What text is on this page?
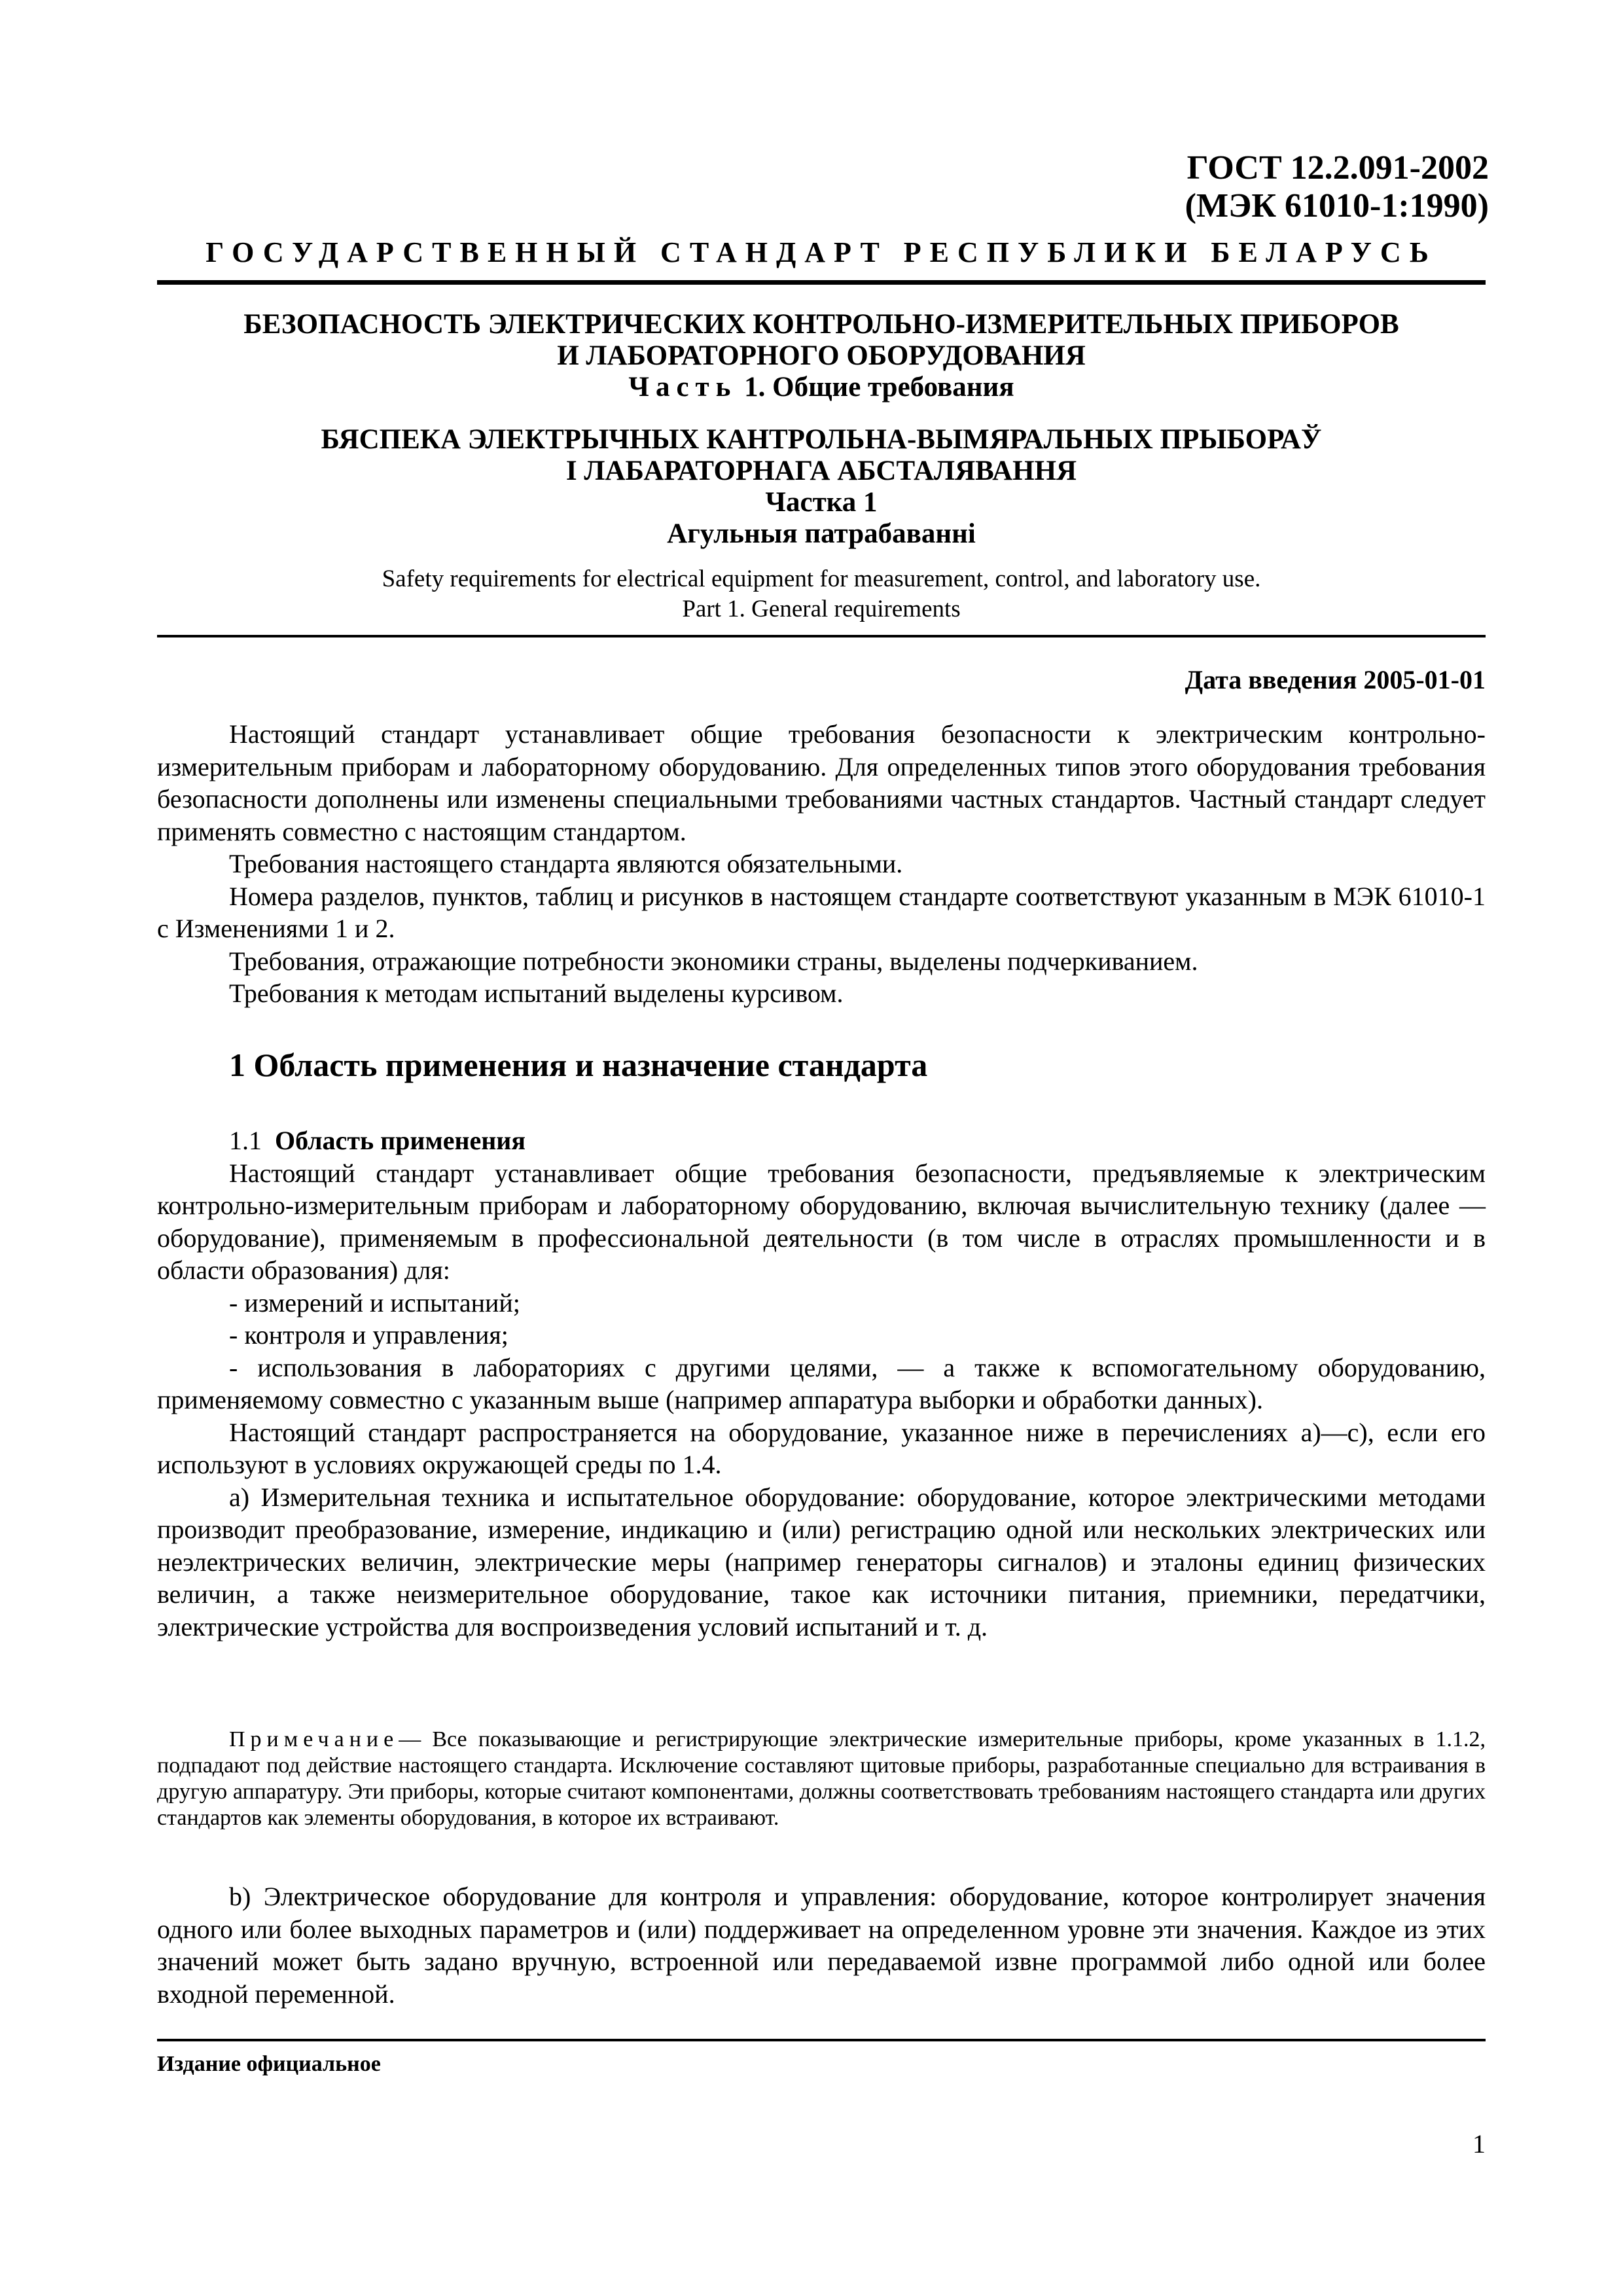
ГОСТ 12.2.091-2002
(МЭК 61010-1:1990)
ГОСУДАРСТВЕННЫЙ СТАНДАРТ РЕСПУБЛИКИ БЕЛАРУСЬ
БЕЗОПАСНОСТЬ ЭЛЕКТРИЧЕСКИХ КОНТРОЛЬНО-ИЗМЕРИТЕЛЬНЫХ ПРИБОРОВ
И ЛАБОРАТОРНОГО ОБОРУДОВАНИЯ
Часть 1. Общие требования
БЯСПЕКА ЭЛЕКТРЫЧНЫХ КАНТРОЛЬНА-ВЫМЯРАЛЬНЫХ ПРЫБОРАЎ
І ЛАБАРАТОРНАГА АБСТАЛЯВАННЯ
Частка 1
Агульныя патрабаванні
Safety requirements for electrical equipment for measurement, control, and laboratory use.
Part 1. General requirements
Дата введения 2005-01-01

Настоящий стандарт устанавливает общие требования безопасности к электрическим контрольно-измерительным приборам и лабораторному оборудованию. Для определенных типов этого оборудования требования безопасности дополнены или изменены специальными требованиями частных стандартов. Частный стандарт следует применять совместно с настоящим стандартом.

Требования настоящего стандарта являются обязательными.

Номера разделов, пунктов, таблиц и рисунков в настоящем стандарте соответствуют указанным в МЭК 61010-1 с Изменениями 1 и 2.

Требования, отражающие потребности экономики страны, выделены подчеркиванием.

Требования к методам испытаний выделены курсивом.

1 Область применения и назначение стандарта

1.1 Область применения

Настоящий стандарт устанавливает общие требования безопасности, предъявляемые к электрическим контрольно-измерительным приборам и лабораторному оборудованию, включая вычислительную технику (далее — оборудование), применяемым в профессиональной деятельности (в том числе в отраслях промышленности и в области образования) для:

- измерений и испытаний;

- контроля и управления;

- использования в лабораториях с другими целями, — а также к вспомогательному оборудованию, применяемому совместно с указанным выше (например аппаратура выборки и обработки данных).

Настоящий стандарт распространяется на оборудование, указанное ниже в перечислениях а)—с), если его используют в условиях окружающей среды по 1.4.

а) Измерительная техника и испытательное оборудование: оборудование, которое электрическими методами производит преобразование, измерение, индикацию и (или) регистрацию одной или нескольких электрических или неэлектрических величин, электрические меры (например генераторы сигналов) и эталоны единиц физических величин, а также неизмерительное оборудование, такое как источники питания, приемники, передатчики, электрические устройства для воспроизведения условий испытаний и т. д.

Примечание— Все показывающие и регистрирующие электрические измерительные приборы, кроме указанных в 1.1.2, подпадают под действие настоящего стандарта. Исключение составляют щитовые приборы, разработанные специально для встраивания в другую аппаратуру. Эти приборы, которые считают компонентами, должны соответствовать требованиям настоящего стандарта или других стандартов как элементы оборудования, в которое их встраивают.

b) Электрическое оборудование для контроля и управления: оборудование, которое контролирует значения одного или более выходных параметров и (или) поддерживает на определенном уровне эти значения. Каждое из этих значений может быть задано вручную, встроенной или передаваемой извне программой либо одной или более входной переменной.

Издание официальное
1
